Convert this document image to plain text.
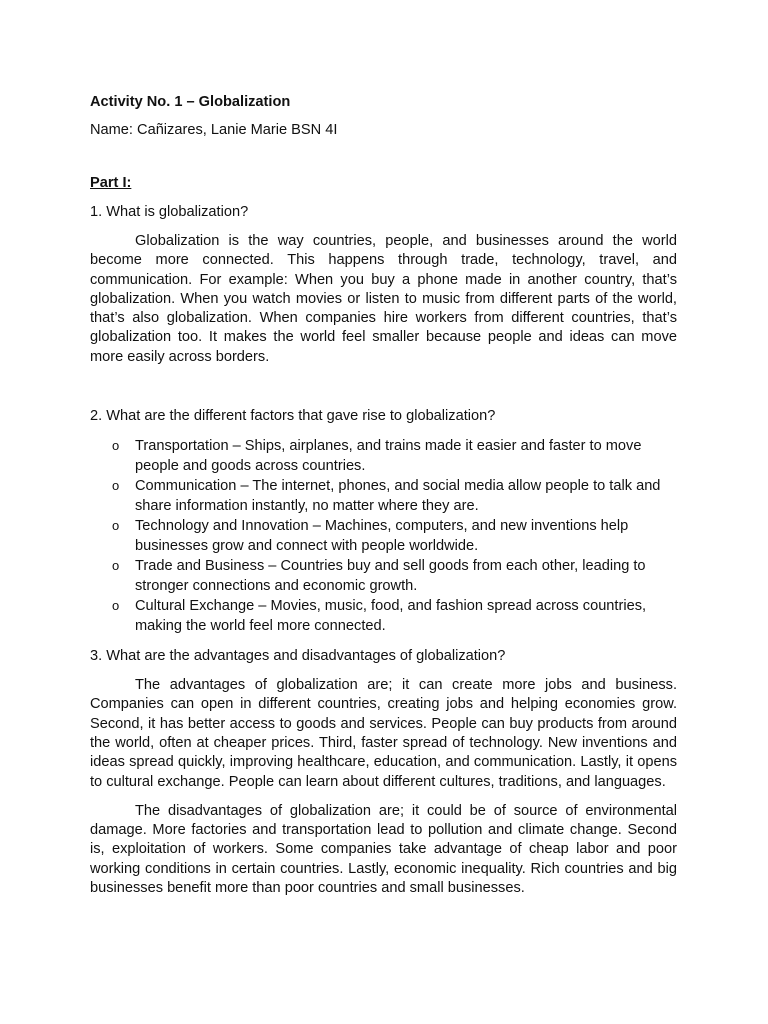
Activity No. 1 – Globalization
Name: Cañizares, Lanie Marie BSN 4I
Part I:
1. What is globalization?
Globalization is the way countries, people, and businesses around the world become more connected. This happens through trade, technology, travel, and communication. For example: When you buy a phone made in another country, that’s globalization. When you watch movies or listen to music from different parts of the world, that’s also globalization. When companies hire workers from different countries, that’s globalization too. It makes the world feel smaller because people and ideas can move more easily across borders.
2. What are the different factors that gave rise to globalization?
o Transportation – Ships, airplanes, and trains made it easier and faster to move people and goods across countries.
o Communication – The internet, phones, and social media allow people to talk and share information instantly, no matter where they are.
o Technology and Innovation – Machines, computers, and new inventions help businesses grow and connect with people worldwide.
o Trade and Business – Countries buy and sell goods from each other, leading to stronger connections and economic growth.
o Cultural Exchange – Movies, music, food, and fashion spread across countries, making the world feel more connected.
3. What are the advantages and disadvantages of globalization?
The advantages of globalization are; it can create more jobs and business. Companies can open in different countries, creating jobs and helping economies grow. Second, it has better access to goods and services. People can buy products from around the world, often at cheaper prices. Third, faster spread of technology. New inventions and ideas spread quickly, improving healthcare, education, and communication. Lastly, it opens to cultural exchange. People can learn about different cultures, traditions, and languages.
The disadvantages of globalization are; it could be of source of environmental damage. More factories and transportation lead to pollution and climate change. Second is, exploitation of workers. Some companies take advantage of cheap labor and poor working conditions in certain countries. Lastly, economic inequality. Rich countries and big businesses benefit more than poor countries and small businesses.
